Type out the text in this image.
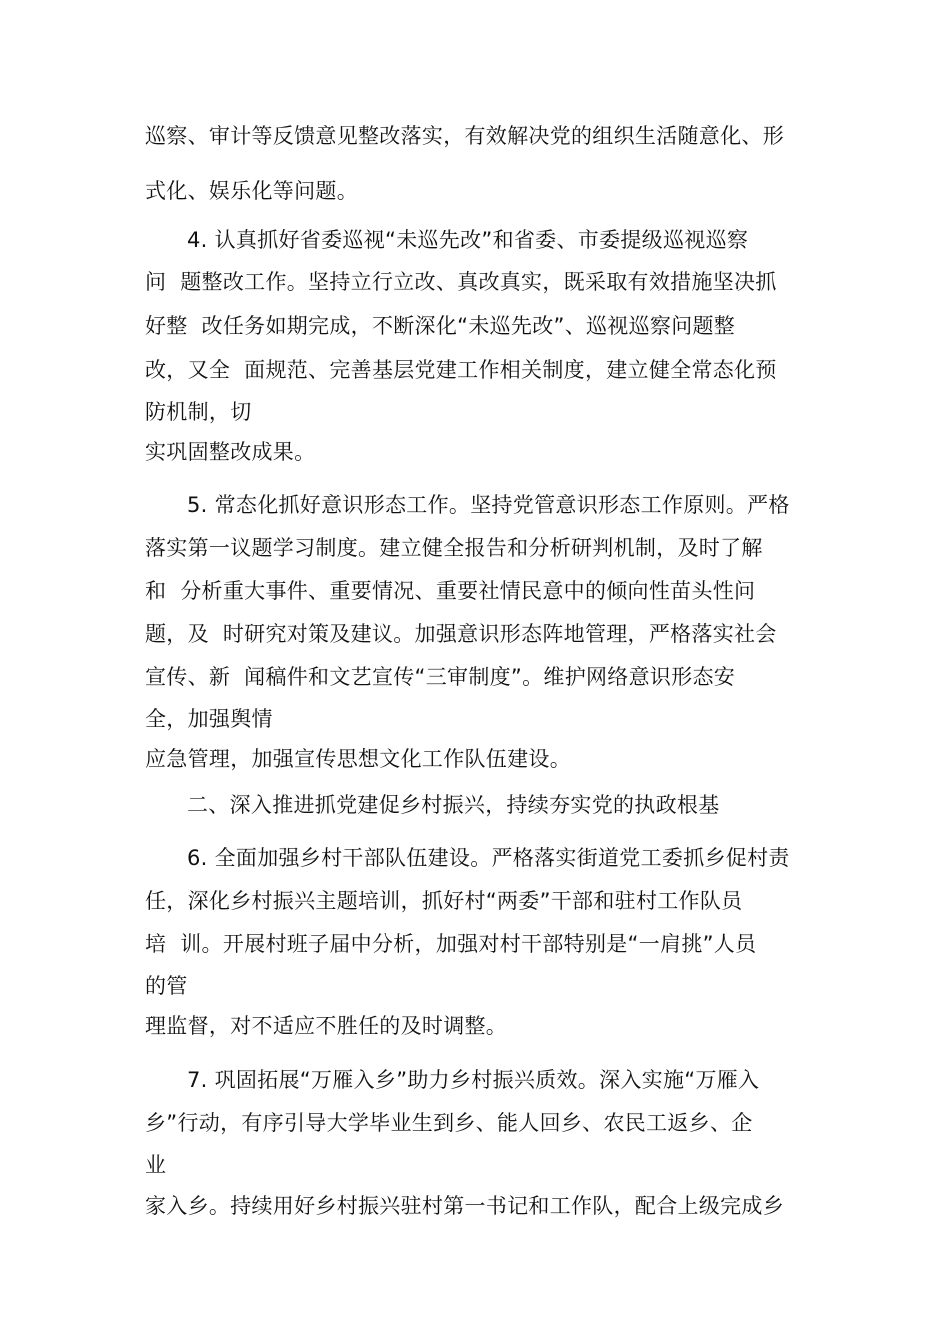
巡察、审计等反馈意见整改落实，有效解决党的组织生活随意化、形
式化、娱乐化等问题。
4. 认真抓好省委巡视“未巡先改”和省委、市委提级巡视巡察
问  题整改工作。坚持立行立改、真改真实，既采取有效措施坚决抓
好整  改任务如期完成，不断深化“未巡先改”、巡视巡察问题整
改，又全  面规范、完善基层党建工作相关制度，建立健全常态化预
防机制，切
实巩固整改成果。
5. 常态化抓好意识形态工作。坚持党管意识形态工作原则。严格
落实第一议题学习制度。建立健全报告和分析研判机制，及时了解
和  分析重大事件、重要情况、重要社情民意中的倾向性苗头性问
题，及  时研究对策及建议。加强意识形态阵地管理，严格落实社会
宣传、新  闻稿件和文艺宣传“三审制度”。维护网络意识形态安
全，加强舆情
应急管理，加强宣传思想文化工作队伍建设。
二、深入推进抓党建促乡村振兴，持续夯实党的执政根基
6. 全面加强乡村干部队伍建设。严格落实街道党工委抓乡促村责
任，深化乡村振兴主题培训，抓好村“两委”干部和驻村工作队员
培  训。开展村班子届中分析，加强对村干部特别是“一肩挑”人员
的管
理监督，对不适应不胜任的及时调整。
7. 巩固拓展“万雁入乡”助力乡村振兴质效。深入实施“万雁入
乡”行动，有序引导大学毕业生到乡、能人回乡、农民工返乡、企
业
家入乡。持续用好乡村振兴驻村第一书记和工作队，配合上级完成乡
